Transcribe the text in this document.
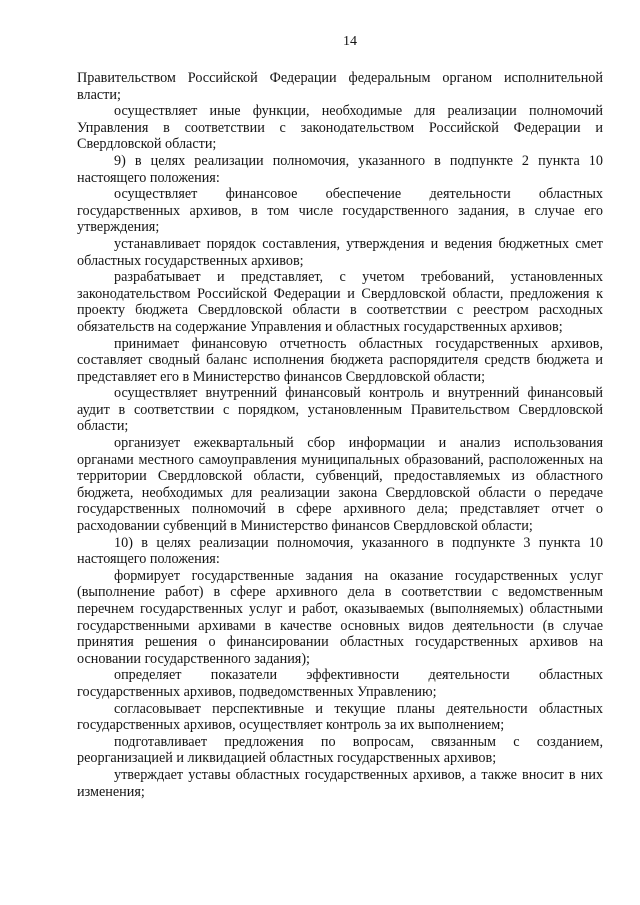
14

Правительством Российской Федерации федеральным органом исполнительной власти;

осуществляет иные функции, необходимые для реализации полномочий Управления в соответствии с законодательством Российской Федерации и Свердловской области;

9) в целях реализации полномочия, указанного в подпункте 2 пункта 10 настоящего положения:

осуществляет финансовое обеспечение деятельности областных государственных архивов, в том числе государственного задания, в случае его утверждения;

устанавливает порядок составления, утверждения и ведения бюджетных смет областных государственных архивов;

разрабатывает и представляет, с учетом требований, установленных законодательством Российской Федерации и Свердловской области, предложения к проекту бюджета Свердловской области в соответствии с реестром расходных обязательств на содержание Управления и областных государственных архивов;

принимает финансовую отчетность областных государственных архивов, составляет сводный баланс исполнения бюджета распорядителя средств бюджета и представляет его в Министерство финансов Свердловской области;

осуществляет внутренний финансовый контроль и внутренний финансовый аудит в соответствии с порядком, установленным Правительством Свердловской области;

организует ежеквартальный сбор информации и анализ использования органами местного самоуправления муниципальных образований, расположенных на территории Свердловской области, субвенций, предоставляемых из областного бюджета, необходимых для реализации закона Свердловской области о передаче государственных полномочий в сфере архивного дела; представляет отчет о расходовании субвенций в Министерство финансов Свердловской области;

10) в целях реализации полномочия, указанного в подпункте 3 пункта 10 настоящего положения:

формирует государственные задания на оказание государственных услуг (выполнение работ) в сфере архивного дела в соответствии с ведомственным перечнем государственных услуг и работ, оказываемых (выполняемых) областными государственными архивами в качестве основных видов деятельности (в случае принятия решения о финансировании областных государственных архивов на основании государственного задания);

определяет показатели эффективности деятельности областных государственных архивов, подведомственных Управлению;

согласовывает перспективные и текущие планы деятельности областных государственных архивов, осуществляет контроль за их выполнением;

подготавливает предложения по вопросам, связанным с созданием, реорганизацией и ликвидацией областных государственных архивов;

утверждает уставы областных государственных архивов, а также вносит в них изменения;
